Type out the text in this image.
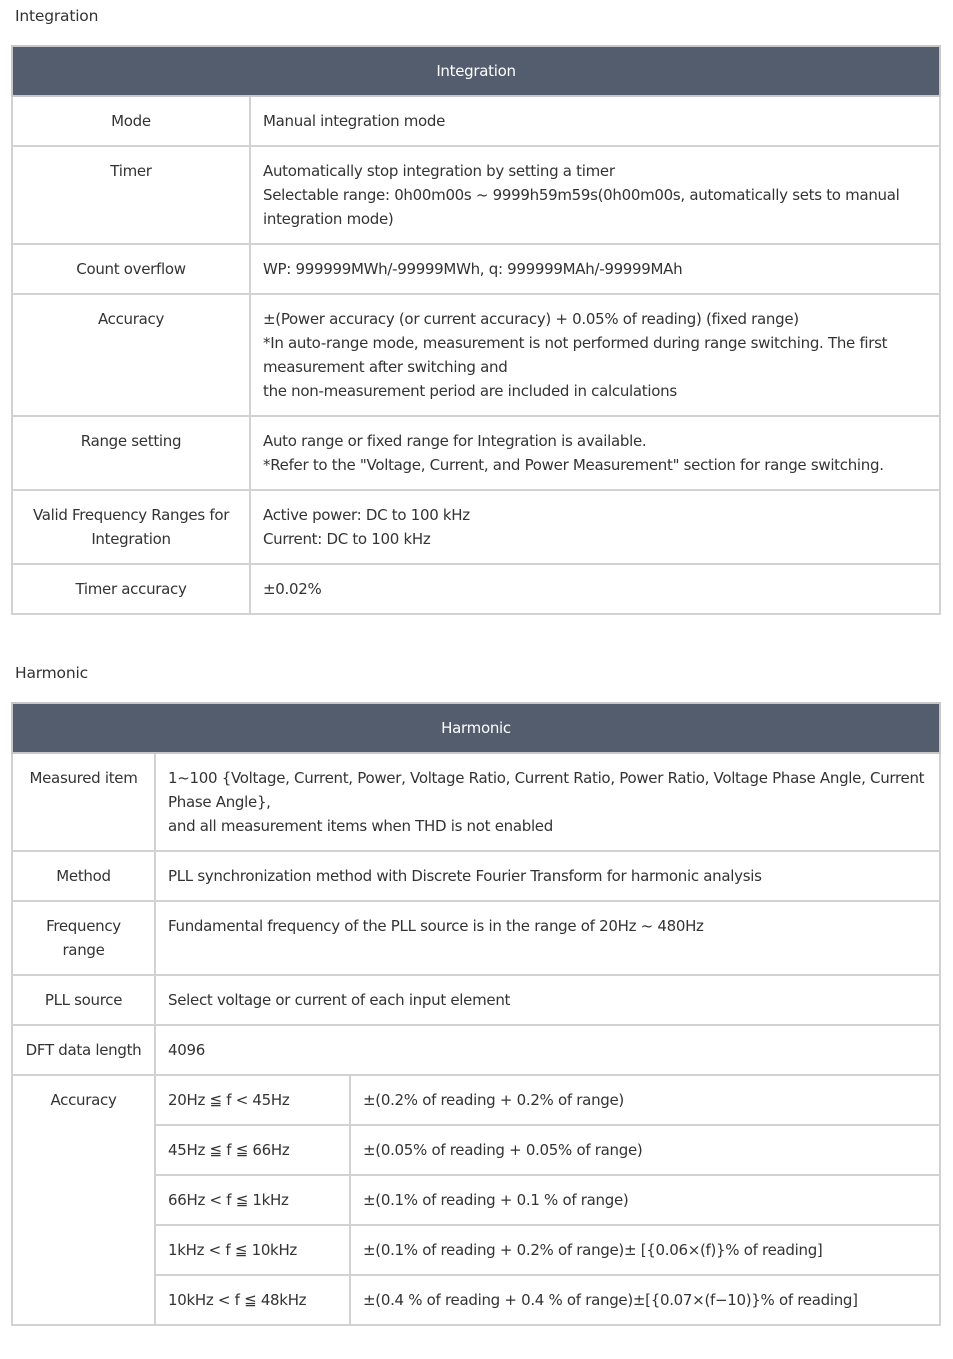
Integration
Integration	
Mode	Manual integration mode

Timer	Automatically stop integration by setting a timer
Selectable range: 0h00m00s ~ 9999h59m59s(0h00m00s, automatically sets to manual integration mode)

Count overflow	WP: 999999MWh/-99999MWh, q: 999999MAh/-99999MAh

Accuracy	±(Power accuracy (or current accuracy) + 0.05% of reading) (fixed range)
*In auto-range mode, measurement is not performed during range switching. The first measurement after switching and
the non-measurement period are included in calculations

Range setting	Auto range or fixed range for Integration is available.
*Refer to the "Voltage, Current, and Power Measurement" section for range switching.

Valid Frequency Ranges for Integration	Active power: DC to 100 kHz
Current: DC to 100 kHz

Timer accuracy	±0.02%
Harmonic
Harmonic		
Measured item	1~100 {Voltage, Current, Power, Voltage Ratio, Current Ratio, Power Ratio, Voltage Phase Angle, Current Phase Angle},
and all measurement items when THD is not enabled	

Method	PLL synchronization method with Discrete Fourier Transform for harmonic analysis	

Frequency range	Fundamental frequency of the PLL source is in the range of 20Hz ~ 480Hz	

PLL source	Select voltage or current of each input element	

DFT data length	4096	

Accuracy	20Hz ≦ f < 45Hz	±(0.2% of reading + 0.2% of range)
	45Hz ≦ f ≦ 66Hz	±(0.05% of reading + 0.05% of range)
	66Hz < f ≦ 1kHz	±(0.1% of reading + 0.1 % of range)
	1kHz < f ≦ 10kHz	±(0.1% of reading + 0.2% of range)± [{0.06×(f)}% of reading]
	10kHz < f ≦ 48kHz	±(0.4 % of reading + 0.4 % of range)±[{0.07×(f−10)}% of reading]
